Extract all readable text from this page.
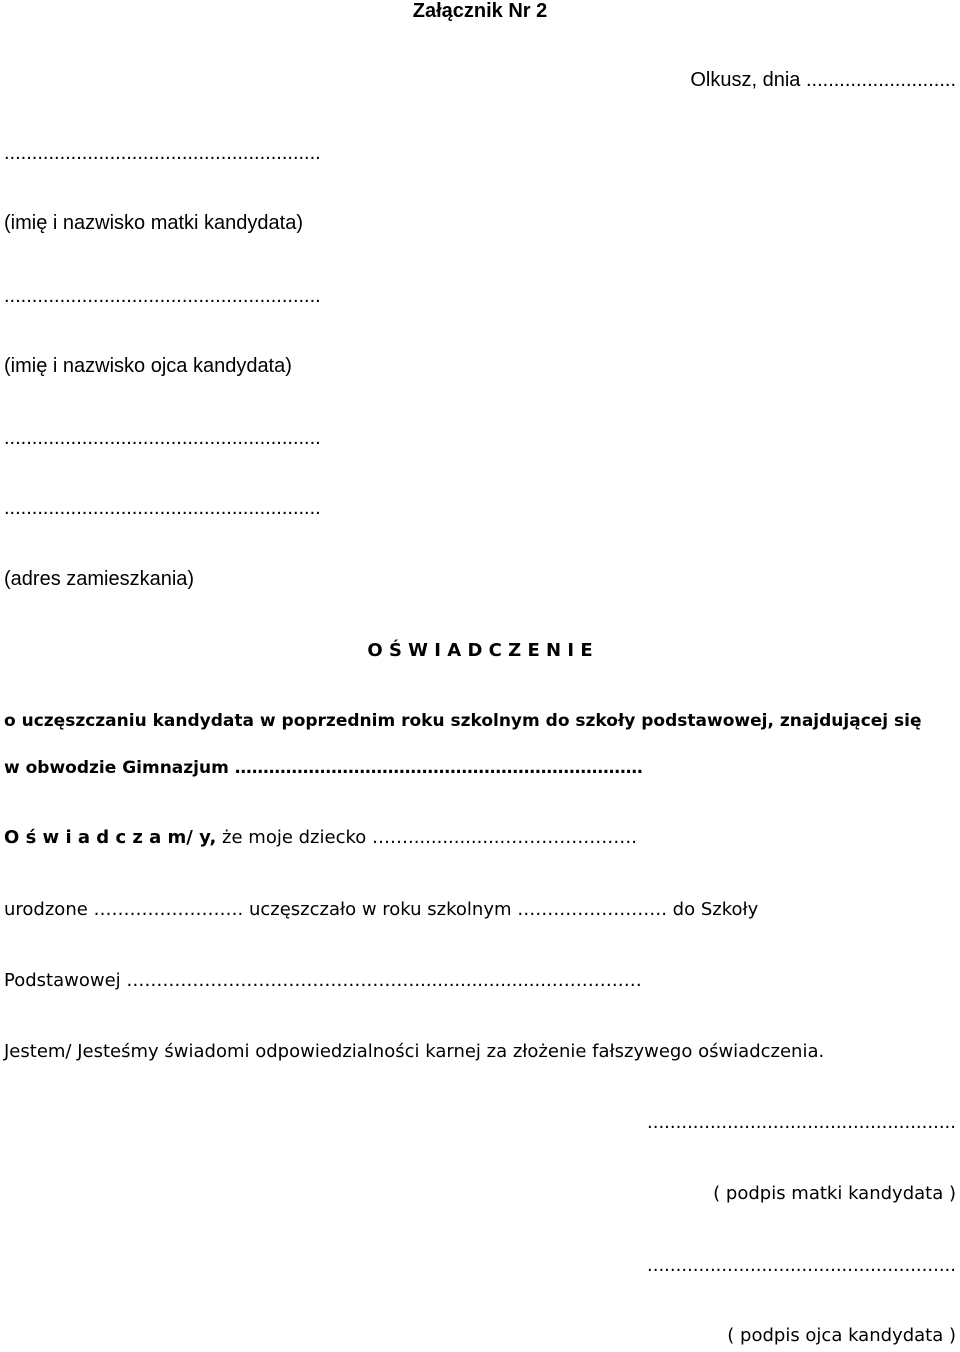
Załącznik Nr 2

Olkusz, dnia ...........................

.........................................................

(imię i nazwisko matki kandydata)

.........................................................

(imię i nazwisko ojca kandydata)

.........................................................

.........................................................

(adres zamieszkania)

O Ś W I A D C Z E N I E

o uczęszczaniu kandydata w poprzednim roku szkolnym do szkoły podstawowej, znajdującej się

w obwodzie Gimnazjum ………………………………………………………………

O ś w i a d c z a m/ y, że moje dziecko …….................………………….

urodzone ……………………. uczęszczało w roku szkolnym ……………………. do Szkoły

Podstawowej …………………………………………........................……………

Jestem/ Jesteśmy świadomi odpowiedzialności karnej za złożenie fałszywego oświadczenia.

......................................................

( podpis matki kandydata )

......................................................

( podpis ojca kandydata )
